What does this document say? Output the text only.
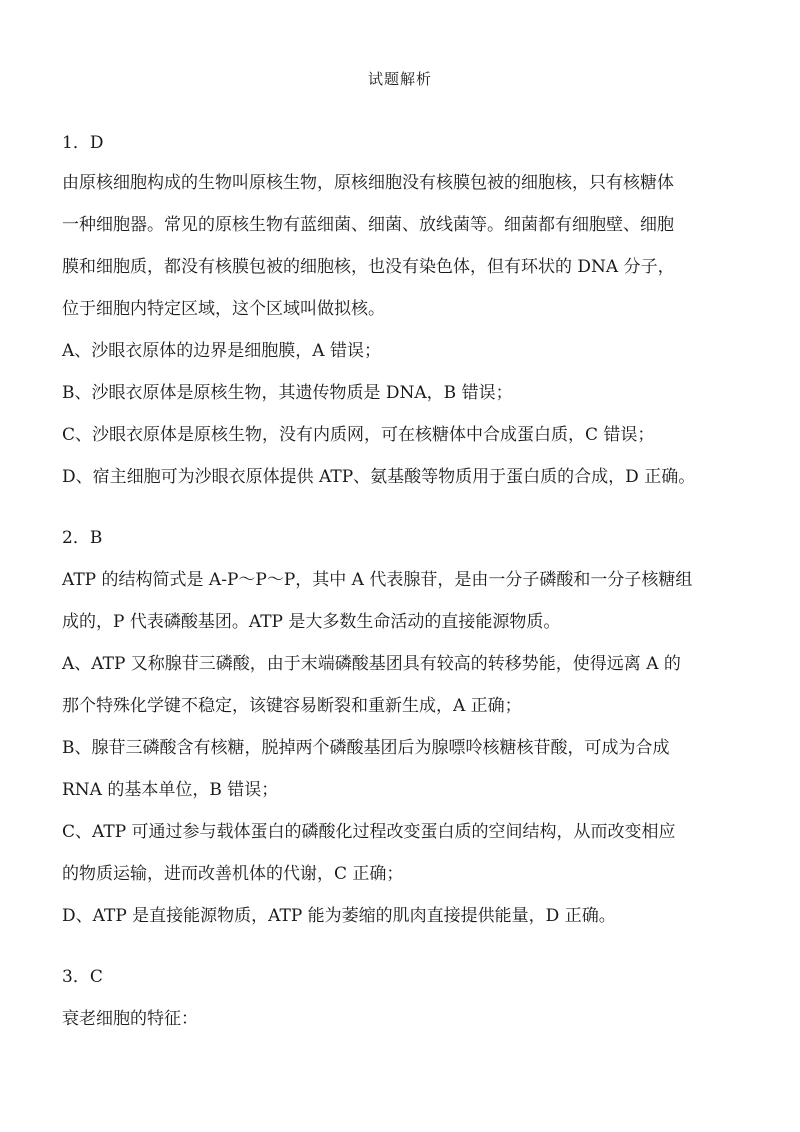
试题解析
1．D
由原核细胞构成的生物叫原核生物，原核细胞没有核膜包被的细胞核，只有核糖体
一种细胞器。常见的原核生物有蓝细菌、细菌、放线菌等。细菌都有细胞壁、细胞
膜和细胞质，都没有核膜包被的细胞核，也没有染色体，但有环状的 DNA 分子，
位于细胞内特定区域，这个区域叫做拟核。
A、沙眼衣原体的边界是细胞膜，A 错误；
B、沙眼衣原体是原核生物，其遗传物质是 DNA，B 错误；
C、沙眼衣原体是原核生物，没有内质网，可在核糖体中合成蛋白质，C 错误；
D、宿主细胞可为沙眼衣原体提供 ATP、氨基酸等物质用于蛋白质的合成，D 正确。
2．B
ATP 的结构简式是 A-P～P～P，其中 A 代表腺苷，是由一分子磷酸和一分子核糖组
成的，P 代表磷酸基团。ATP 是大多数生命活动的直接能源物质。
A、ATP 又称腺苷三磷酸，由于末端磷酸基团具有较高的转移势能，使得远离 A 的
那个特殊化学键不稳定，该键容易断裂和重新生成，A 正确；
B、腺苷三磷酸含有核糖，脱掉两个磷酸基团后为腺嘌呤核糖核苷酸，可成为合成
RNA 的基本单位，B 错误；
C、ATP 可通过参与载体蛋白的磷酸化过程改变蛋白质的空间结构，从而改变相应
的物质运输，进而改善机体的代谢，C 正确；
D、ATP 是直接能源物质，ATP 能为萎缩的肌肉直接提供能量，D 正确。
3．C
衰老细胞的特征：
